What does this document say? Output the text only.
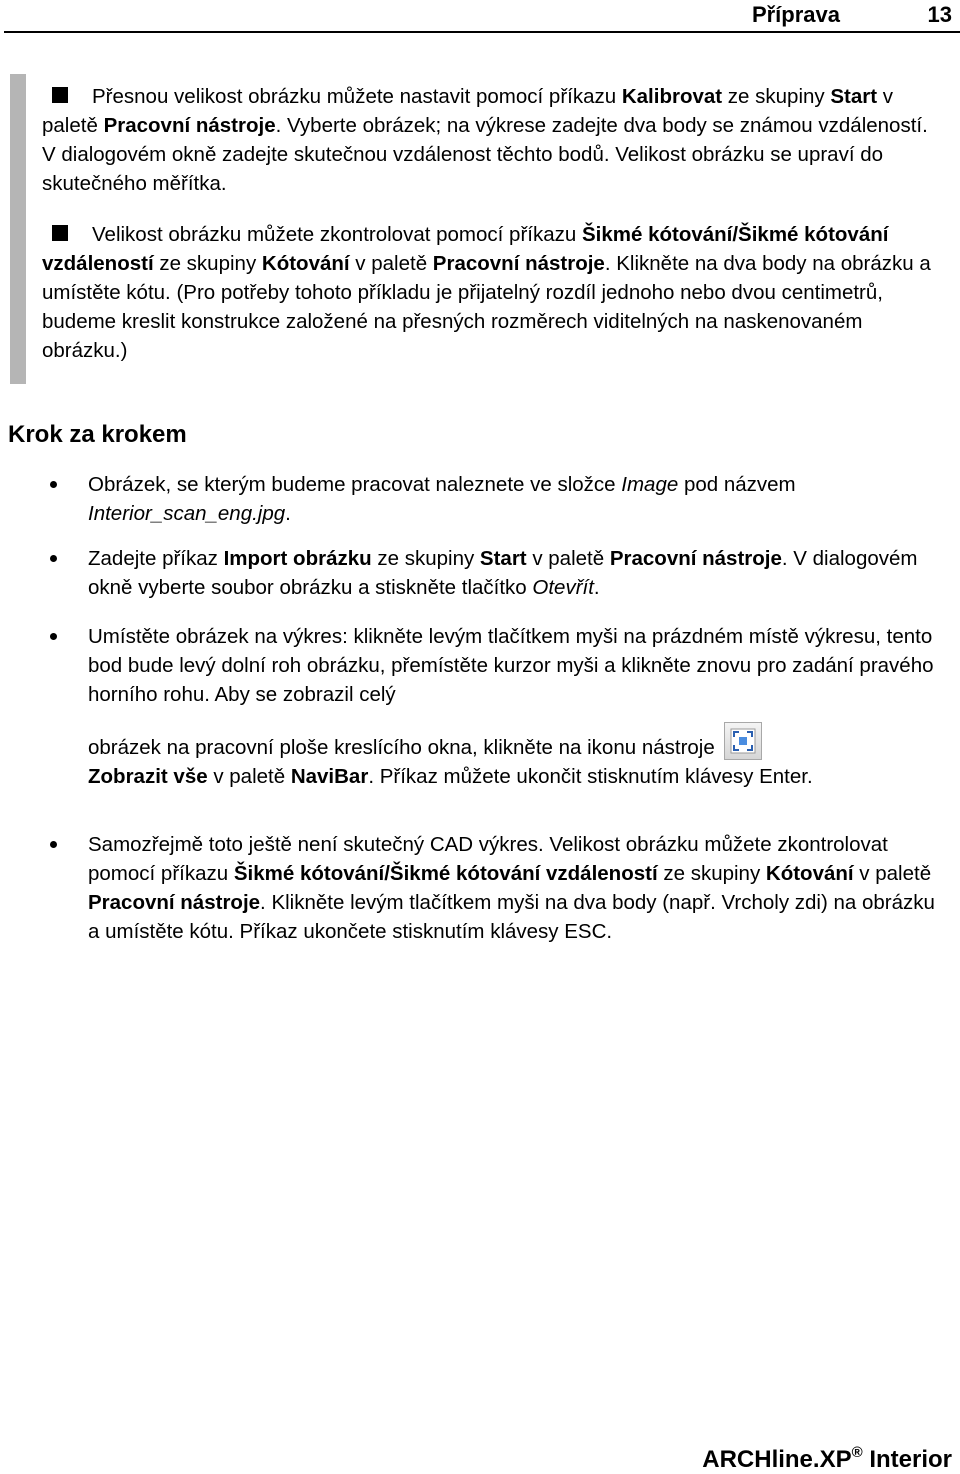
Příprava	13

Přesnou velikost obrázku můžete nastavit pomocí příkazu Kalibrovat ze skupiny Start v paletě Pracovní nástroje. Vyberte obrázek; na výkrese zadejte dva body se známou vzdáleností. V dialogovém okně zadejte skutečnou vzdálenost těchto bodů. Velikost obrázku se upraví do skutečného měřítka.

Velikost obrázku můžete zkontrolovat pomocí příkazu Šikmé kótování/Šikmé kótování vzdáleností ze skupiny Kótování v paletě Pracovní nástroje. Klikněte na dva body na obrázku a umístěte kótu. (Pro potřeby tohoto příkladu je přijatelný rozdíl jednoho nebo dvou centimetrů, budeme kreslit konstrukce založené na přesných rozměrech viditelných na naskenovaném obrázku.)

Krok za krokem

Obrázek, se kterým budeme pracovat naleznete ve složce Image pod názvem Interior_scan_eng.jpg.

Zadejte příkaz Import obrázku ze skupiny Start v paletě Pracovní nástroje. V dialogovém okně vyberte soubor obrázku a stiskněte tlačítko Otevřít.

Umístěte obrázek na výkres: klikněte levým tlačítkem myši na prázdném místě výkresu, tento bod bude levý dolní roh obrázku, přemístěte kurzor myši a klikněte znovu pro zadání pravého horního rohu. Aby se zobrazil celý

obrázek na pracovní ploše kreslícího okna, klikněte na ikonu nástroje

Zobrazit vše v paletě NaviBar. Příkaz můžete ukončit stisknutím klávesy Enter.

Samozřejmě toto ještě není skutečný CAD výkres. Velikost obrázku můžete zkontrolovat pomocí příkazu Šikmé kótování/Šikmé kótování vzdáleností ze skupiny Kótování v paletě Pracovní nástroje. Klikněte levým tlačítkem myši na dva body (např. Vrcholy zdi) na obrázku a umístěte kótu. Příkaz ukončete stisknutím klávesy ESC.

ARCHline.XP® Interior
